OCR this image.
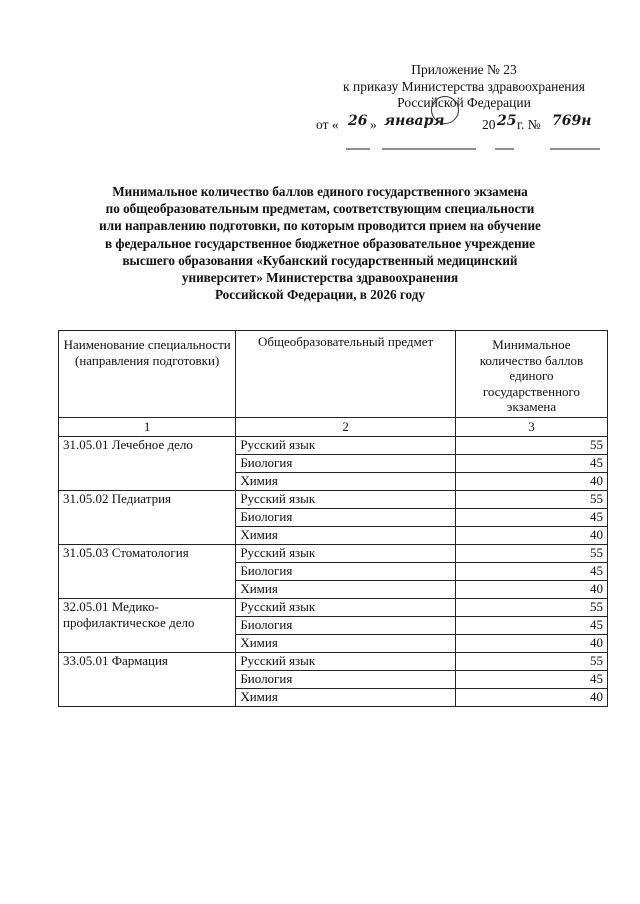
Приложение № 23
к приказу Министерства здравоохранения
Российской Федерации
от « 26 » января	20 25 г. № 769н
Минимальное количество баллов единого государственного экзамена
по общеобразовательным предметам, соответствующим специальности
или направлению подготовки, по которым проводится прием на обучение
в федеральное государственное бюджетное образовательное учреждение
высшего образования «Кубанский государственный медицинский
университет» Министерства здравоохранения
Российской Федерации, в 2026 году
Наименование специальности (направления подготовки)	Общеобразовательный предмет	Минимальное количество баллов единого государственного экзамена
1	2	3
31.05.01 Лечебное дело	Русский язык	55
	Биология	45
	Химия	40
31.05.02 Педиатрия	Русский язык	55
	Биология	45
	Химия	40
31.05.03 Стоматология	Русский язык	55
	Биология	45
	Химия	40
32.05.01 Медико-профилактическое дело	Русский язык	55
	Биология	45
	Химия	40
33.05.01 Фармация	Русский язык	55
	Биология	45
	Химия	40
